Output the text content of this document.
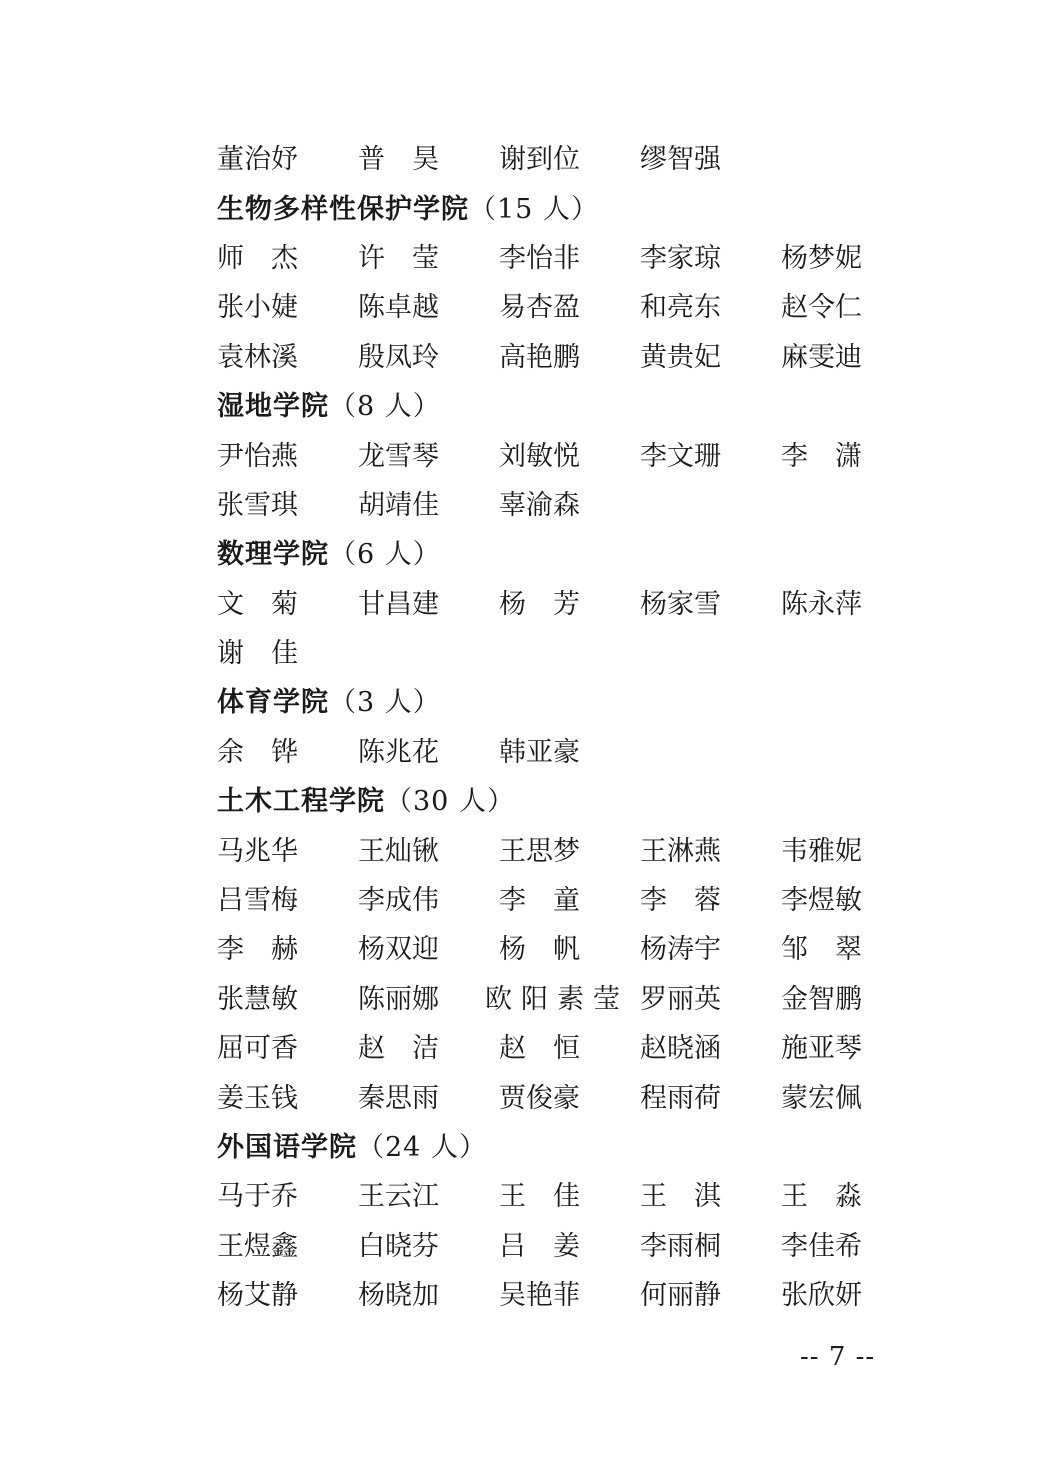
董 治 妤 普 昊 谢 到 位 缪 智 强
生物多样性保护学院 （ 15 人 ）
师 杰 许 莹 李 怡 非 李 家 琼 杨 梦 妮
张 小 婕 陈 卓 越 易 杏 盈 和 亮 东 赵 令 仁
袁 林 溪 殷 凤 玲 高 艳 鹏 黄 贵 妃 麻 雯 迪
湿地学院 （ 8 人 ）
尹 怡 燕 龙 雪 琴 刘 敏 悦 李 文 珊 李 潇
张 雪 琪 胡 靖 佳 辜 渝 森
数理学院 （ 6 人 ）
文 菊 甘 昌 建 杨 芳 杨 家 雪 陈 永 萍
谢 佳
体育学院 （ 3 人 ）
余 铧 陈 兆 花 韩 亚 豪
土木工程学院 （ 30 人 ）
马 兆 华 王 灿 锹 王 思 梦 王 淋 燕 韦 雅 妮
吕 雪 梅 李 成 伟 李 童 李 蓉 李 煜 敏
李 赫 杨 双 迎 杨 帆 杨 涛 宇 邹 翠
张 慧 敏 陈 丽 娜 欧 阳 素 莹 罗 丽 英 金 智 鹏
屈 可 香 赵 洁 赵 恒 赵 晓 涵 施 亚 琴
姜 玉 钱 秦 思 雨 贾 俊 豪 程 雨 荷 蒙 宏 佩
外国语学院 （ 24 人 ）
马 于 乔 王 云 江 王 佳 王 淇 王 淼
王 煜 鑫 白 晓 芬 吕 姜 李 雨 桐 李 佳 希
杨 艾 静 杨 晓 加 吴 艳 菲 何 丽 静 张 欣 妍
-- 7 --
